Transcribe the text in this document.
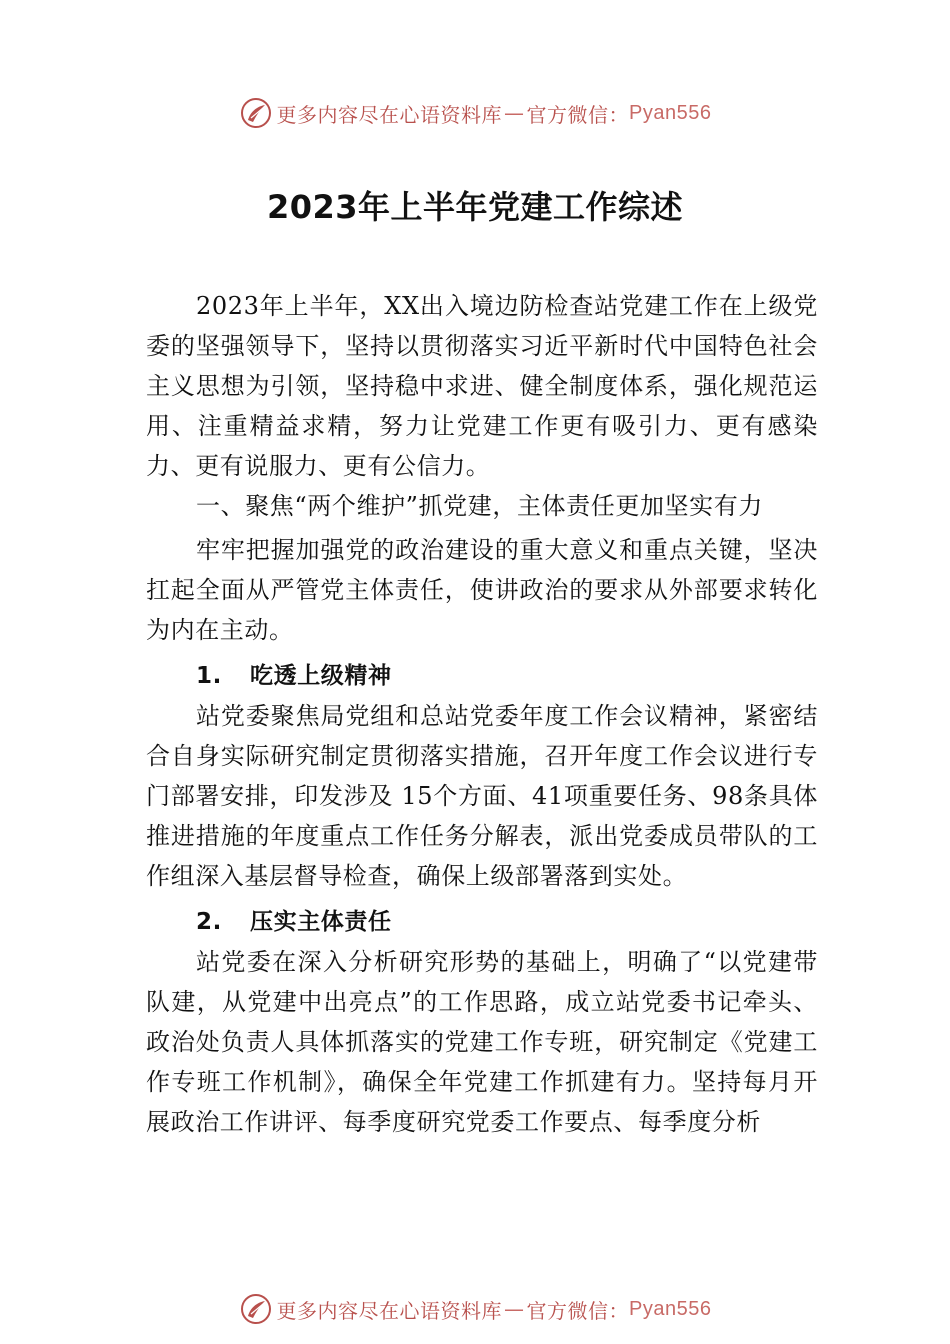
更多内容尽在心语资料库 — 官方微信： Pyan556
2023年上半年党建工作综述

2023年上半年，XX出入境边防检查站党建工作在上级党委的坚强领导下，坚持以贯彻落实习近平新时代中国特色社会主义思想为引领，坚持稳中求进、健全制度体系，强化规范运用、注重精益求精，努力让党建工作更有吸引力、更有感染力、更有说服力、更有公信力。

一、聚焦“两个维护”抓党建，主体责任更加坚实有力

牢牢把握加强党的政治建设的重大意义和重点关键，坚决扛起全面从严管党主体责任，使讲政治的要求从外部要求转化为内在主动。

1. 吃透上级精神

站党委聚焦局党组和总站党委年度工作会议精神，紧密结合自身实际研究制定贯彻落实措施，召开年度工作会议进行专门部署安排，印发涉及 15个方面、41项重要任务、98条具体推进措施的年度重点工作任务分解表，派出党委成员带队的工作组深入基层督导检查，确保上级部署落到实处。

2. 压实主体责任

站党委在深入分析研究形势的基础上，明确了“以党建带队建，从党建中出亮点”的工作思路，成立站党委书记牵头、政治处负责人具体抓落实的党建工作专班，研究制定《党建工作专班工作机制》，确保全年党建工作抓建有力。坚持每月开展政治工作讲评、每季度研究党委工作要点、每季度分析

更多内容尽在心语资料库 — 官方微信： Pyan556
